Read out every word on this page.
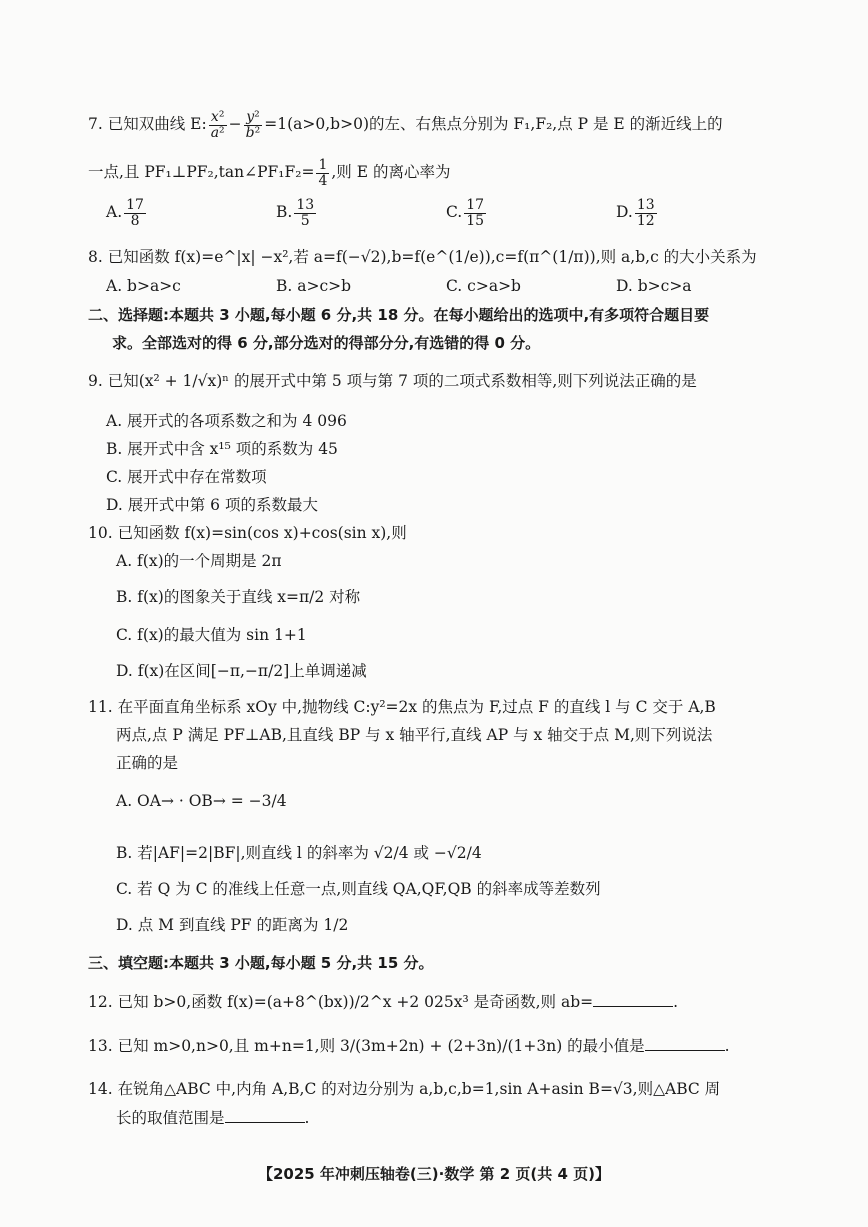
7. 已知双曲线 E: $\frac{\text{x²}}{\text{a²}} - \frac{\text{y²}}{\text{b²}} =1(a>0,b>0)$的左、右焦点分别为 F₁,F₂,点 P 是 E 的渐近线上的
一点,且 PF₁⊥PF₂,tan∠PF₁F₂= $\frac{1}{4}$ ,则 E 的离心率为
A. $\frac{17}{8}$	B. $\frac{13}{5}$	C. $\frac{17}{15}$	D. $\frac{13}{12}$
8. 已知函数 f(x)=e^|x| −x²,若 a=f(−√2),b=f(e^(1/e)),c=f(π^(1/π)),则 a,b,c 的大小关系为
A. b>a>c	B. a>c>b	C. c>a>b	D. b>c>a
二、选择题:本题共 3 小题,每小题 6 分,共 18 分。在每小题给出的选项中,有多项符合题目要
求。全部选对的得 6 分,部分选对的得部分分,有选错的得 0 分。
9. 已知(x² + 1/√x)ⁿ 的展开式中第 5 项与第 7 项的二项式系数相等,则下列说法正确的是
A. 展开式的各项系数之和为 4 096
B. 展开式中含 x¹⁵ 项的系数为 45
C. 展开式中存在常数项
D. 展开式中第 6 项的系数最大
10. 已知函数 f(x)=sin(cos x)+cos(sin x),则
A. f(x)的一个周期是 2π
B. f(x)的图象关于直线 x=π/2 对称
C. f(x)的最大值为 sin 1+1
D. f(x)在区间[−π,−π/2]上单调递减
11. 在平面直角坐标系 xOy 中,抛物线 C:y²=2x 的焦点为 F,过点 F 的直线 l 与 C 交于 A,B
两点,点 P 满足 PF⊥AB,且直线 BP 与 x 轴平行,直线 AP 与 x 轴交于点 M,则下列说法
正确的是
A. OA→ · OB→ = −3/4
B. 若|AF|=2|BF|,则直线 l 的斜率为 √2/4 或 −√2/4
C. 若 Q 为 C 的准线上任意一点,则直线 QA,QF,QB 的斜率成等差数列
D. 点 M 到直线 PF 的距离为 1/2
三、填空题:本题共 3 小题,每小题 5 分,共 15 分。
12. 已知 b>0,函数 f(x)=(a+8^(bx))/2^x +2 025x³ 是奇函数,则 ab=	.
13. 已知 m>0,n>0,且 m+n=1,则 3/(3m+2n) + (2+3n)/(1+3n) 的最小值是	.
14. 在锐角△ABC 中,内角 A,B,C 的对边分别为 a,b,c,b=1,sin A+asin B=√3,则△ABC 周
长的取值范围是	.
【2025 年冲刺压轴卷(三)·数学 第 2 页(共 4 页)】
